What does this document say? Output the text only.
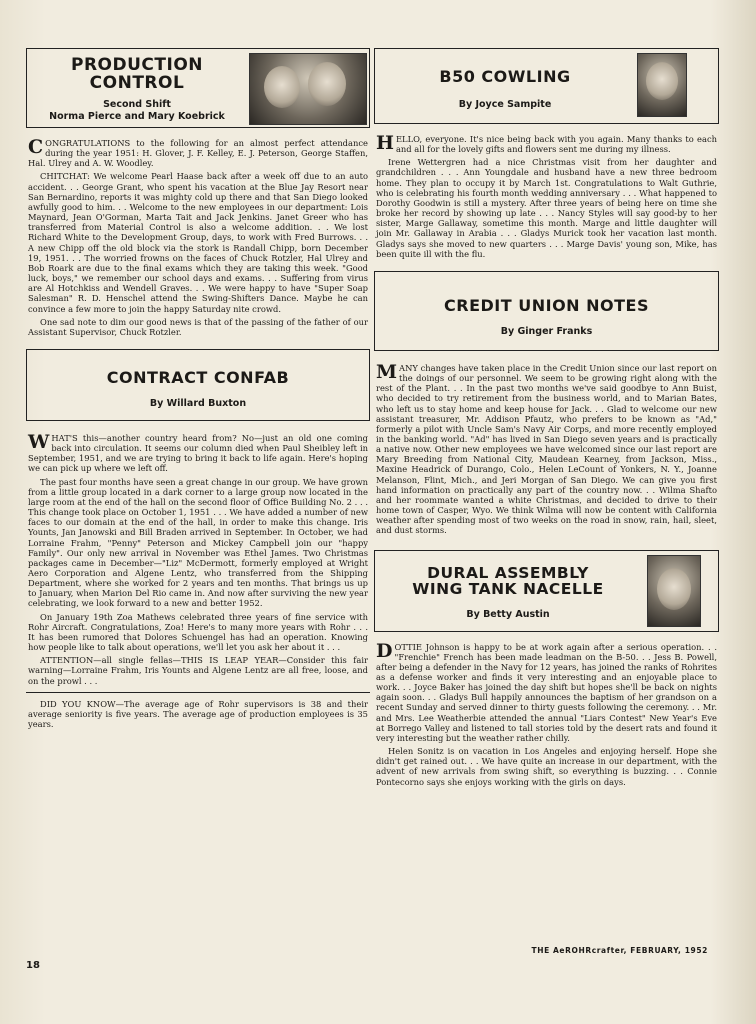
PRODUCTION
CONTROL
Second Shift
Norma Pierce and Mary Koebrick

CONGRATULATIONS to the following for an almost perfect attendance during the year 1951: H. Glover, J. F. Kelley, E. J. Peterson, George Staffen, Hal. Ulrey and A. W. Woodley.

CHITCHAT: We welcome Pearl Haase back after a week off due to an auto accident. . . George Grant, who spent his vacation at the Blue Jay Resort near San Bernardino, reports it was mighty cold up there and that San Diego looked awfully good to him. . . Welcome to the new employees in our department: Lois Maynard, Jean O'Gorman, Marta Tait and Jack Jenkins. Janet Greer who has transferred from Material Control is also a welcome addition. . . We lost Richard White to the Development Group, days, to work with Fred Burrows. . . A new Chipp off the old block via the stork is Randall Chipp, born December 19, 1951. . . The worried frowns on the faces of Chuck Rotzler, Hal Ulrey and Bob Roark are due to the final exams which they are taking this week. "Good luck, boys," we remember our school days and exams. . . Suffering from virus are Al Hotchkiss and Wendell Graves. . . We were happy to have "Super Soap Salesman" R. D. Henschel attend the Swing-Shifters Dance. Maybe he can convince a few more to join the happy Saturday nite crowd.

One sad note to dim our good news is that of the passing of the father of our Assistant Supervisor, Chuck Rotzler.

CONTRACT CONFAB
By Willard Buxton

WHAT'S this—another country heard from? No—just an old one coming back into circulation. It seems our column died when Paul Sheibley left in September, 1951, and we are trying to bring it back to life again. Here's hoping we can pick up where we left off.

The past four months have seen a great change in our group. We have grown from a little group located in a dark corner to a large group now located in the large room at the end of the hall on the second floor of Office Building No. 2 . . . This change took place on October 1, 1951 . . . We have added a number of new faces to our domain at the end of the hall, in order to make this change. Iris Younts, Jan Janowski and Bill Braden arrived in September. In October, we had Lorraine Frahm, "Penny" Peterson and Mickey Campbell join our "happy Family". Our only new arrival in November was Ethel James. Two Christmas packages came in December—"Liz" McDermott, formerly employed at Wright Aero Corporation and Algene Lentz, who transferred from the Shipping Department, where she worked for 2 years and ten months. That brings us up to January, when Marion Del Rio came in. And now after surviving the new year celebrating, we look forward to a new and better 1952.

On January 19th Zoa Mathews celebrated three years of fine service with Rohr Aircraft. Congratulations, Zoa! Here's to many more years with Rohr . . . It has been rumored that Dolores Schuengel has had an operation. Knowing how people like to talk about operations, we'll let you ask her about it . . .

ATTENTION—all single fellas—THIS IS LEAP YEAR—Consider this fair warning—Lorraine Frahm, Iris Younts and Algene Lentz are all free, loose, and on the prowl . . .

DID YOU KNOW—The average age of Rohr supervisors is 38 and their average seniority is five years. The average age of production employees is 35 years.

B50 COWLING
By Joyce Sampite

HELLO, everyone. It's nice being back with you again. Many thanks to each and all for the lovely gifts and flowers sent me during my illness.

Irene Wettergren had a nice Christmas visit from her daughter and grandchildren . . . Ann Youngdale and husband have a new three bedroom home. They plan to occupy it by March 1st. Congratulations to Walt Guthrie, who is celebrating his fourth month wedding anniversary . . . What happened to Dorothy Goodwin is still a mystery. After three years of being here on time she broke her record by showing up late . . . Nancy Styles will say good-by to her sister, Marge Gallaway, sometime this month. Marge and little daughter will join Mr. Gallaway in Arabia . . . Gladys Murick took her vacation last month. Gladys says she moved to new quarters . . . Marge Davis' young son, Mike, has been quite ill with the flu.

CREDIT UNION NOTES
By Ginger Franks

MANY changes have taken place in the Credit Union since our last report on the doings of our personnel. We seem to be growing right along with the rest of the Plant. . . In the past two months we've said goodbye to Ann Buist, who decided to try retirement from the business world, and to Marian Bates, who left us to stay home and keep house for Jack. . . Glad to welcome our new assistant treasurer, Mr. Addison Pfautz, who prefers to be known as "Ad," formerly a pilot with Uncle Sam's Navy Air Corps, and more recently employed in the banking world. "Ad" has lived in San Diego seven years and is practically a native now. Other new employees we have welcomed since our last report are Mary Breeding from National City, Maudean Kearney, from Jackson, Miss., Maxine Headrick of Durango, Colo., Helen LeCount of Yonkers, N. Y., Joanne Melanson, Flint, Mich., and Jeri Morgan of San Diego. We can give you first hand information on practically any part of the country now. . . Wilma Shafto and her roommate wanted a white Christmas, and decided to drive to their home town of Casper, Wyo. We think Wilma will now be content with California weather after spending most of two weeks on the road in snow, rain, hail, sleet, and dust storms.

DURAL ASSEMBLY
WING TANK NACELLE
By Betty Austin

DOTTIE Johnson is happy to be at work again after a serious operation. . . "Frenchie" French has been made leadman on the B-50. . . Jess B. Powell, after being a defender in the Navy for 12 years, has joined the ranks of Rohrites as a defense worker and finds it very interesting and an enjoyable place to work. . . Joyce Baker has joined the day shift but hopes she'll be back on nights again soon. . . Gladys Bull happily announces the baptism of her grandson on a recent Sunday and served dinner to thirty guests following the ceremony. . . Mr. and Mrs. Lee Weatherbie attended the annual "Liars Contest" New Year's Eve at Borrego Valley and listened to tall stories told by the desert rats and found it very interesting but the weather rather chilly.

Helen Sonitz is on vacation in Los Angeles and enjoying herself. Hope she didn't get rained out. . . We have quite an increase in our department, with the advent of new arrivals from swing shift, so everything is buzzing. . . Connie Pontecorno says she enjoys working with the girls on days.

18
THE AeROHRcrafter, FEBRUARY, 1952
